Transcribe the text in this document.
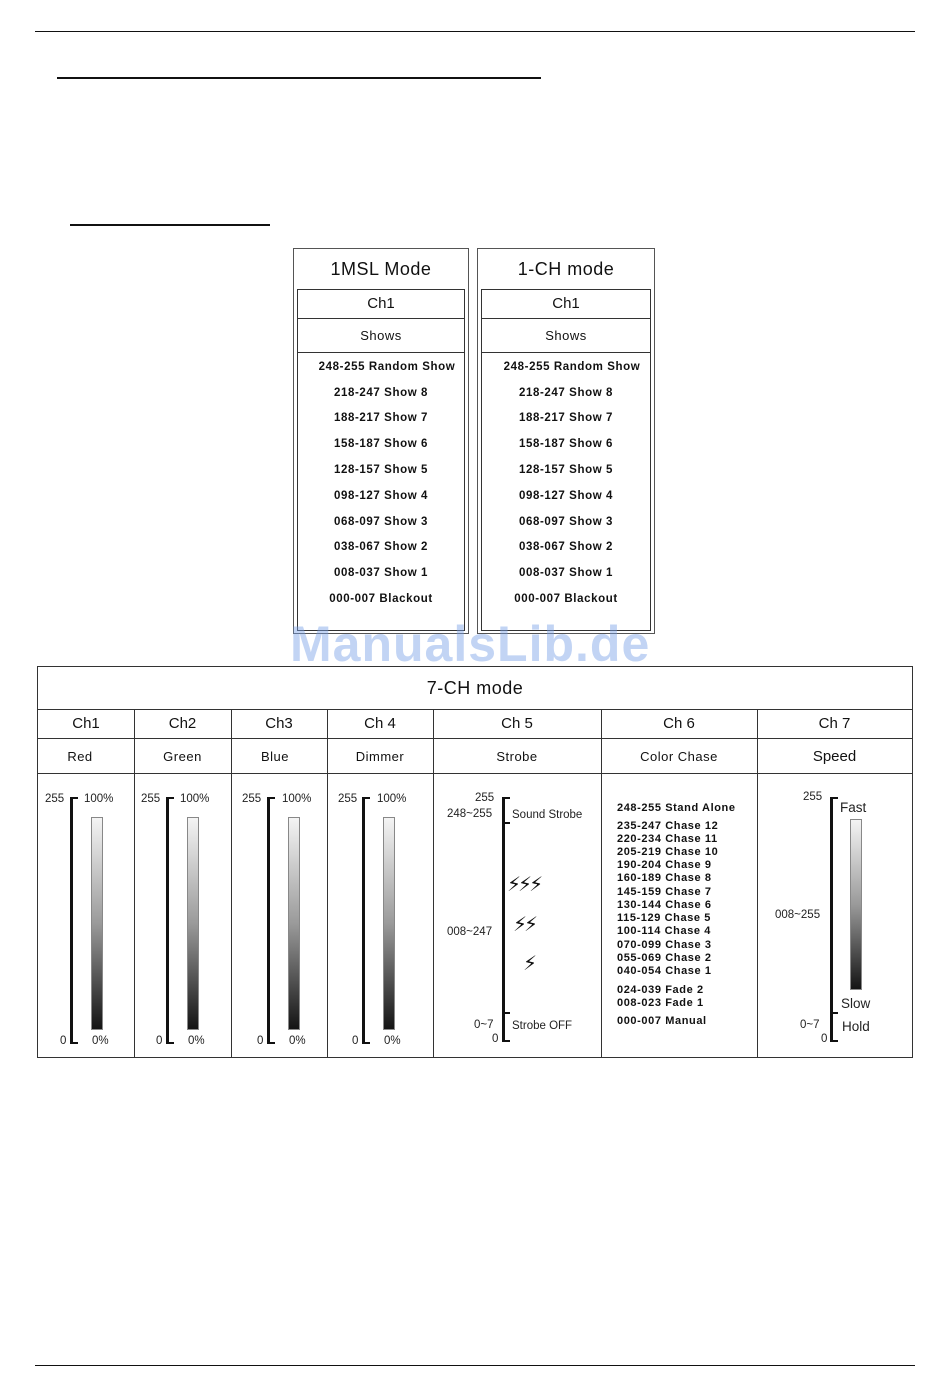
1MSL Mode
Ch1
Shows
248-255 Random Show
218-247 Show 8
188-217 Show 7
158-187 Show 6
128-157 Show 5
098-127 Show 4
068-097 Show 3
038-067 Show 2
008-037 Show 1
000-007 Blackout
1-CH mode
Ch1
Shows
248-255 Random Show
218-247 Show 8
188-217 Show 7
158-187 Show 6
128-157 Show 5
098-127 Show 4
068-097 Show 3
038-067 Show 2
008-037 Show 1
000-007 Blackout
7-CH mode
Ch1	Ch2	Ch3	Ch 4	Ch 5	Ch 6	Ch 7
Red	Green	Blue	Dimmer	Strobe	Color Chase	Speed
255 100%
0 0%
255 100%
0 0%
255 100%
0 0%
255 100%
0 0%
255
248~255 Sound Strobe
008~247
⚡⚡⚡
⚡⚡
⚡
0~7 Strobe OFF
0
248-255 Stand Alone
235-247 Chase 12
220-234 Chase 11
205-219 Chase 10
190-204 Chase 9
160-189 Chase 8
145-159 Chase 7
130-144 Chase 6
115-129 Chase 5
100-114 Chase 4
070-099 Chase 3
055-069 Chase 2
040-054 Chase 1
024-039 Fade 2
008-023 Fade 1
000-007 Manual
255
Fast
008~255
Slow
0~7 Hold
0
ManualsLib.de
